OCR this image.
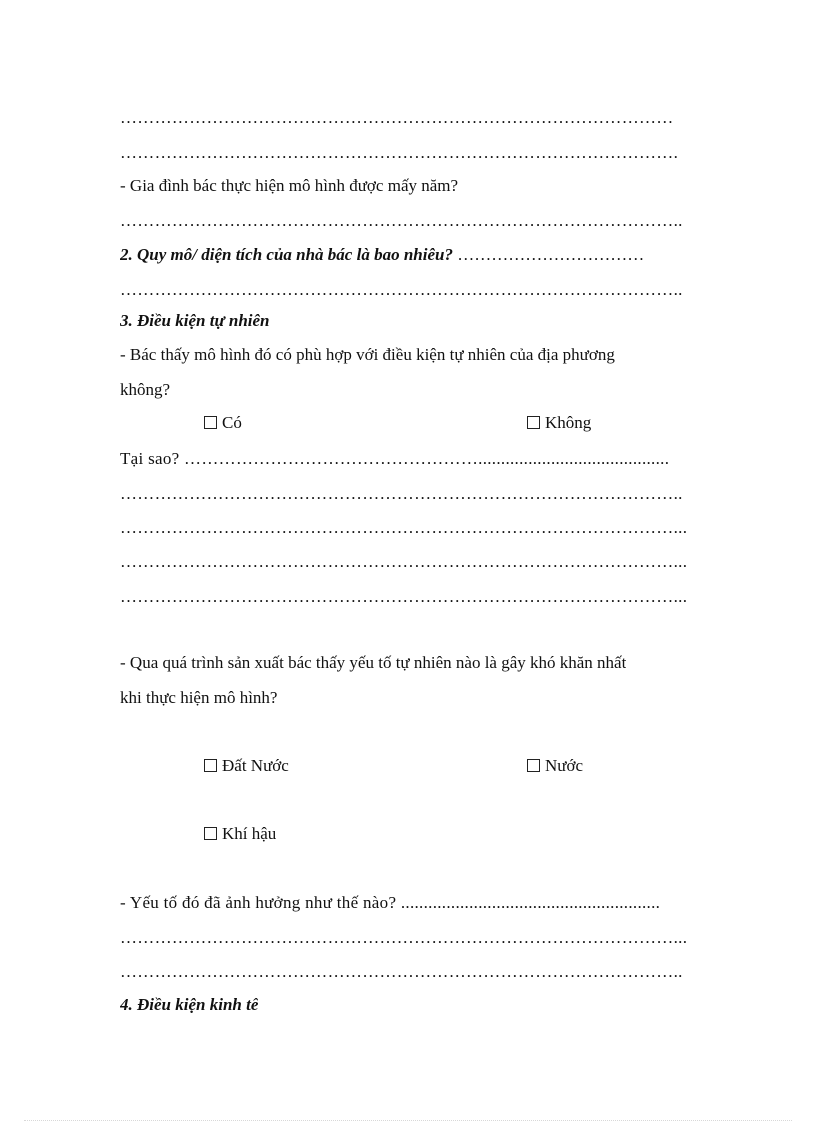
……………………………………………………………………………………
…………………………………………………………………………………….
- Gia đình bác thực hiện mô hình được mấy năm?
……………………………………………………………………………………..
2. Quy mô/ diện tích của nhà bác là bao nhiêu? ……………………………
……………………………………………………………………………………..
3. Điều kiện tự nhiên
- Bác thấy mô hình đó có phù hợp với điều kiện tự nhiên của địa phương
không?
Có	Không
Tại sao? ……………………………………………..........................................
……………………………………………………………………………………..
……………………………………………………………………………………...
……………………………………………………………………………………...
……………………………………………………………………………………...
- Qua quá trình sản xuất bác thấy yếu tố tự nhiên nào là gây khó khăn nhất
khi thực hiện mô hình?
Đất Nước	Nước
Khí hậu
- Yếu tố đó đã ảnh hưởng như thế nào? .........................................................
……………………………………………………………………………………...
……………………………………………………………………………………..
4. Điều kiện kinh tế
